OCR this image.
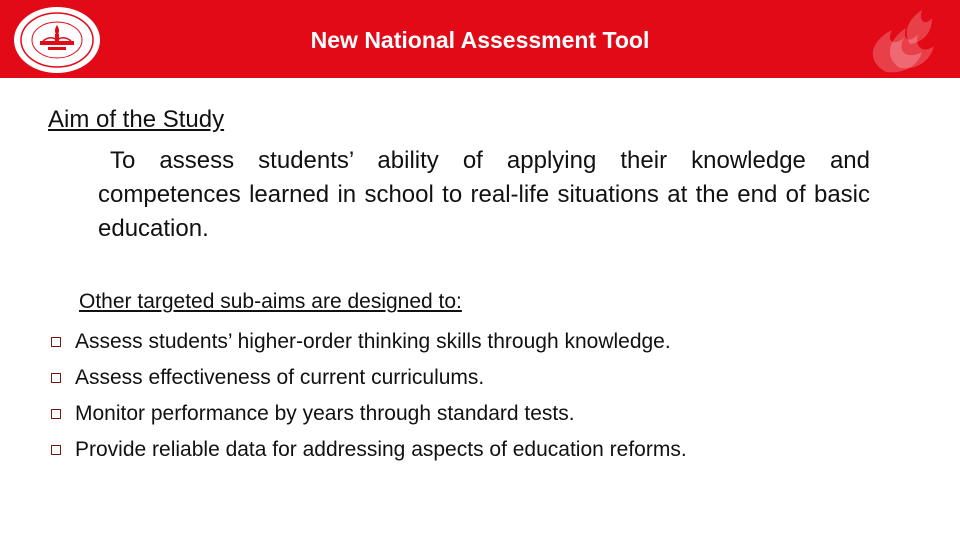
New National Assessment Tool
Aim of the Study
To assess students’ ability of applying their knowledge and competences learned in school to real-life situations at the end of basic education.
Other targeted sub-aims are designed to:
Assess students’ higher-order thinking skills through knowledge.
Assess effectiveness of current curriculums.
Monitor performance by years through standard tests.
Provide reliable data for addressing aspects of education reforms.
